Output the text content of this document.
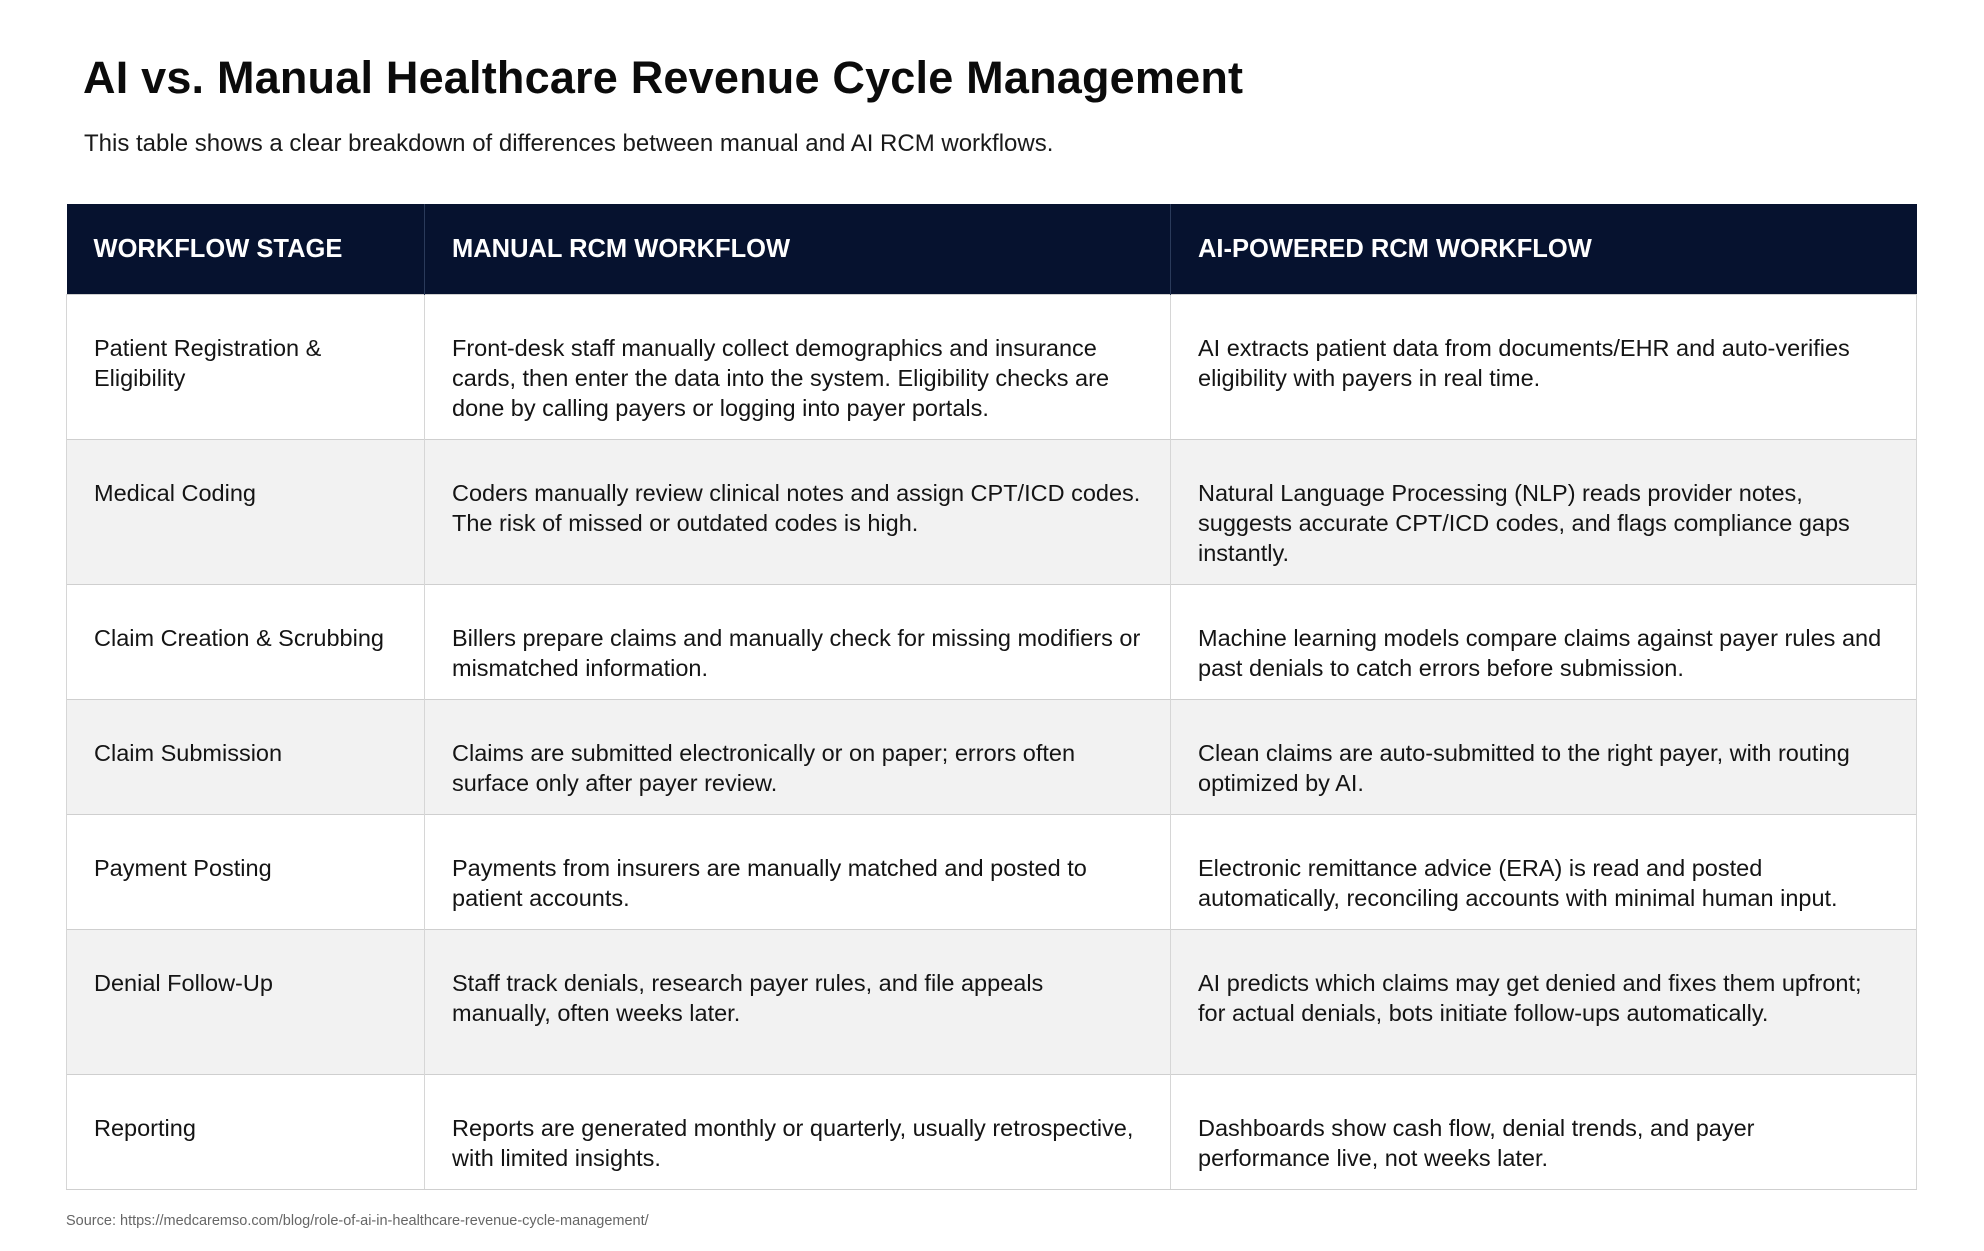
AI vs. Manual Healthcare Revenue Cycle Management

This table shows a clear breakdown of differences between manual and AI RCM workflows.

WORKFLOW STAGE	MANUAL RCM WORKFLOW	AI-POWERED RCM WORKFLOW
Patient Registration & Eligibility	Front-desk staff manually collect demographics and insurance cards, then enter the data into the system. Eligibility checks are done by calling payers or logging into payer portals.	AI extracts patient data from documents/EHR and auto-verifies eligibility with payers in real time.
Medical Coding	Coders manually review clinical notes and assign CPT/ICD codes. The risk of missed or outdated codes is high.	Natural Language Processing (NLP) reads provider notes, suggests accurate CPT/ICD codes, and flags compliance gaps instantly.
Claim Creation & Scrubbing	Billers prepare claims and manually check for missing modifiers or mismatched information.	Machine learning models compare claims against payer rules and past denials to catch errors before submission.
Claim Submission	Claims are submitted electronically or on paper; errors often surface only after payer review.	Clean claims are auto-submitted to the right payer, with routing optimized by AI.
Payment Posting	Payments from insurers are manually matched and posted to patient accounts.	Electronic remittance advice (ERA) is read and posted automatically, reconciling accounts with minimal human input.
Denial Follow-Up	Staff track denials, research payer rules, and file appeals manually, often weeks later.	AI predicts which claims may get denied and fixes them upfront; for actual denials, bots initiate follow-ups automatically.
Reporting	Reports are generated monthly or quarterly, usually retrospective, with limited insights.	Dashboards show cash flow, denial trends, and payer performance live, not weeks later.
Source: https://medcaremso.com/blog/role-of-ai-in-healthcare-revenue-cycle-management/
